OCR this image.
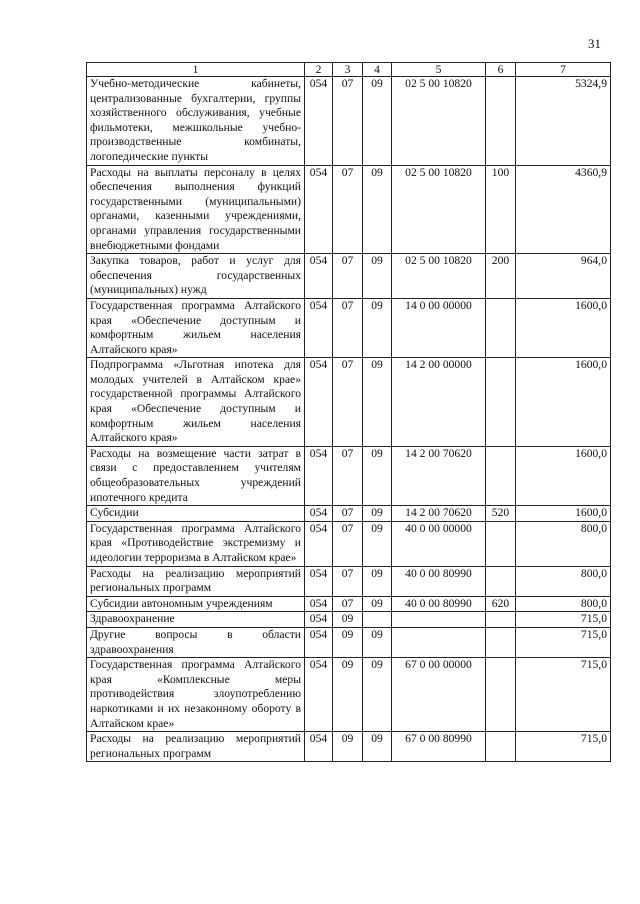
31
1	2	3	4	5	6	7
Учебно-методические кабинеты, централизованные бухгалтерии, группы хозяйственного обслуживания, учебные фильмотеки, межшкольные учебно-производственные комбинаты, логопедические пункты	054	07	09	02 5 00 10820		5324,9
Расходы на выплаты персоналу в целях обеспечения выполнения функций государственными (муниципальными) органами, казенными учреждениями, органами управления государственными внебюджетными фондами	054	07	09	02 5 00 10820	100	4360,9
Закупка товаров, работ и услуг для обеспечения государственных (муниципальных) нужд	054	07	09	02 5 00 10820	200	964,0
Государственная программа Алтайского края «Обеспечение доступным и комфортным жильем населения Алтайского края»	054	07	09	14 0 00 00000		1600,0
Подпрограмма «Льготная ипотека для молодых учителей в Алтайском крае» государственной программы Алтайского края «Обеспечение доступным и комфортным жильем населения Алтайского края»	054	07	09	14 2 00 00000		1600,0
Расходы на возмещение части затрат в связи с предоставлением учителям общеобразовательных учреждений ипотечного кредита	054	07	09	14 2 00 70620		1600,0
Субсидии	054	07	09	14 2 00 70620	520	1600,0
Государственная программа Алтайского края «Противодействие экстремизму и идеологии терроризма в Алтайском крае»	054	07	09	40 0 00 00000		800,0
Расходы на реализацию мероприятий региональных программ	054	07	09	40 0 00 80990		800,0
Субсидии автономным учреждениям	054	07	09	40 0 00 80990	620	800,0
Здравоохранение	054	09				715,0
Другие вопросы в области здравоохранения	054	09	09			715,0
Государственная программа Алтайского края «Комплексные меры противодействия злоупотреблению наркотиками и их незаконному обороту в Алтайском крае»	054	09	09	67 0 00 00000		715,0
Расходы на реализацию мероприятий региональных программ	054	09	09	67 0 00 80990		715,0
